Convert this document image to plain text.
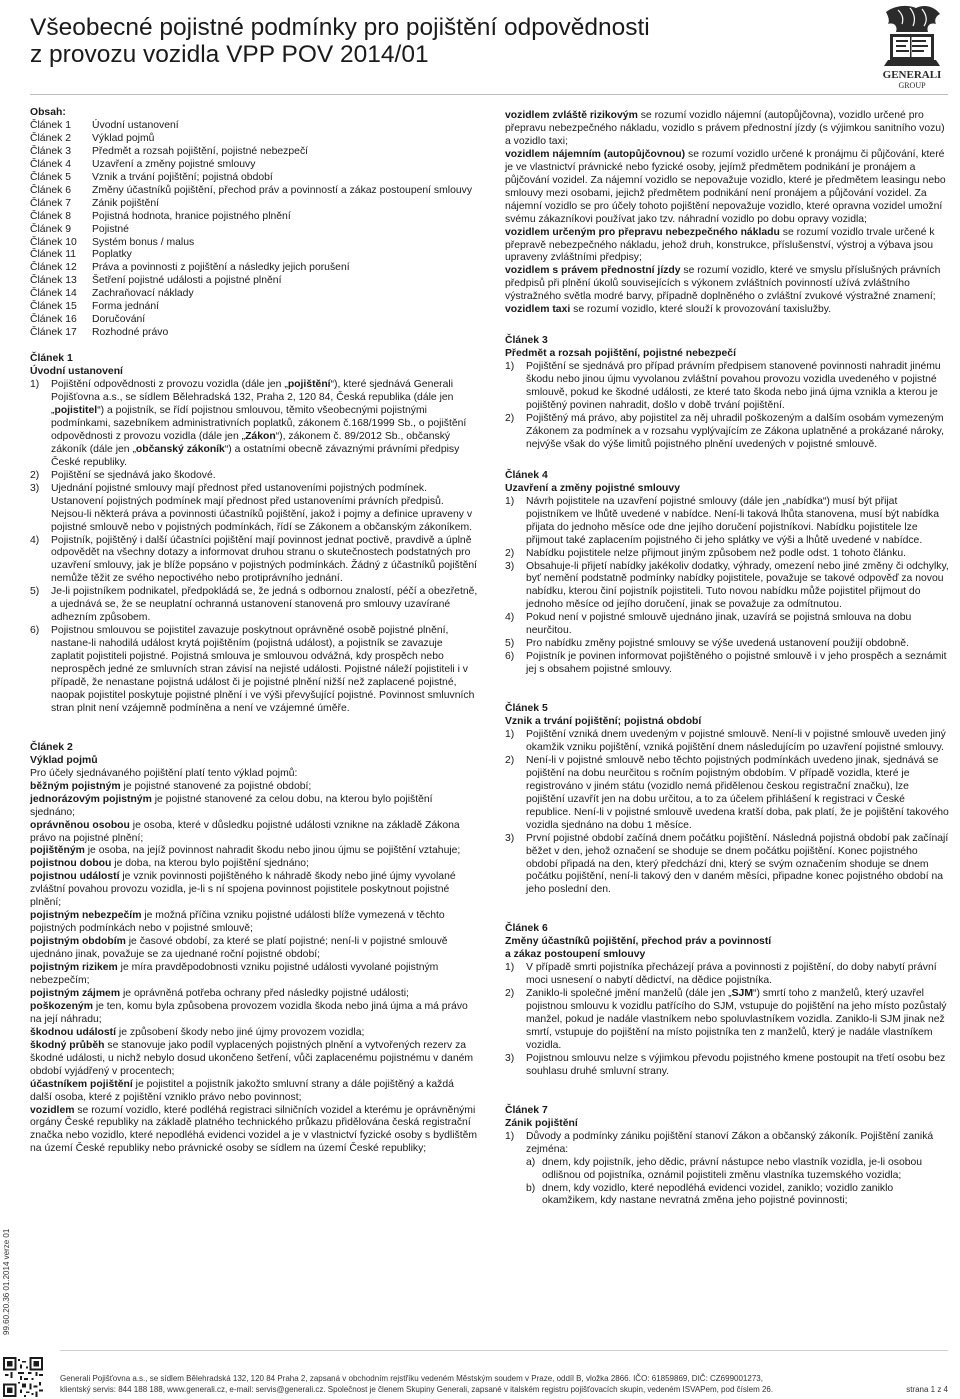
Všeobecné pojistné podmínky pro pojištění odpovědnosti
z provozu vozidla VPP POV 2014/01
GENERALI
GROUP
99.60.20.36 01.2014 verze 01
Obsah:
Článek 1	Úvodní ustanovení
Článek 2	Výklad pojmů
Článek 3	Předmět a rozsah pojištění, pojistné nebezpečí
Článek 4	Uzavření a změny pojistné smlouvy
Článek 5	Vznik a trvání pojištění; pojistná období
Článek 6	Změny účastníků pojištění, přechod práv a povinností a zákaz postoupení smlouvy
Článek 7	Zánik pojištění
Článek 8	Pojistná hodnota, hranice pojistného plnění
Článek 9	Pojistné
Článek 10	Systém bonus / malus
Článek 11	Poplatky
Článek 12	Práva a povinnosti z pojištění a následky jejich porušení
Článek 13	Šetření pojistné události a pojistné plnění
Článek 14	Zachraňovací náklady
Článek 15	Forma jednání
Článek 16	Doručování
Článek 17	Rozhodné právo
Článek 1
Úvodní ustanovení
1)	Pojištění odpovědnosti z provozu vozidla (dále jen „pojištění“), které sjednává Generali Pojišťovna a.s., se sídlem Bělehradská 132, Praha 2, 120 84, Česká republika (dále jen „pojistitel“) a pojistník, se řídí pojistnou smlouvou, těmito všeobecnými pojistnými podmínkami, sazebníkem administrativních poplatků, zákonem č.168/1999 Sb., o pojištění odpovědnosti z provozu vozidla (dále jen „Zákon“), zákonem č. 89/2012 Sb., občanský zákoník (dále jen „občanský zákoník“) a ostatními obecně závaznými právními předpisy České republiky.
2)	Pojištění se sjednává jako škodové.
3)	Ujednání pojistné smlouvy mají přednost před ustanoveními pojistných podmínek. Ustanovení pojistných podmínek mají přednost před ustanoveními právních předpisů. Nejsou-li některá práva a povinnosti účastníků pojištění, jakož i pojmy a definice upraveny v pojistné smlouvě nebo v pojistných podmínkách, řídí se Zákonem a občanským zákoníkem.
4)	Pojistník, pojištěný i další účastníci pojištění mají povinnost jednat poctivě, pravdivě a úplně odpovědět na všechny dotazy a informovat druhou stranu o skutečnostech podstatných pro uzavření smlouvy, jak je blíže popsáno v pojistných podmínkách. Žádný z účastníků pojištění nemůže těžit ze svého nepoctivého nebo protiprávního jednání.
5)	Je-li pojistníkem podnikatel, předpokládá se, že jedná s odbornou znalostí, péčí a obezřetně, a ujednává se, že se neuplatní ochranná ustanovení stanovená pro smlouvy uzavírané adhezním způsobem.
6)	Pojistnou smlouvou se pojistitel zavazuje poskytnout oprávněné osobě pojistné plnění, nastane-li nahodilá událost krytá pojištěním (pojistná událost), a pojistník se zavazuje zaplatit pojistiteli pojistné. Pojistná smlouva je smlouvou odvážná, kdy prospěch nebo neprospěch jedné ze smluvních stran závisí na nejisté události. Pojistné náleží pojistiteli i v případě, že nenastane pojistná událost či je pojistné plnění nižší než zaplacené pojistné, naopak pojistitel poskytuje pojistné plnění i ve výši převyšující pojistné. Povinnost smluvních stran plnit není vzájemně podmíněna a není ve vzájemné úměře.
Článek 2
Výklad pojmů
Pro účely sjednávaného pojištění platí tento výklad pojmů:
běžným pojistným je pojistné stanovené za pojistné období;
jednorázovým pojistným je pojistné stanovené za celou dobu, na kterou bylo pojištění sjednáno;
oprávněnou osobou je osoba, které v důsledku pojistné události vznikne na základě Zákona právo na pojistné plnění;
pojištěným je osoba, na jejíž povinnost nahradit škodu nebo jinou újmu se pojištění vztahuje;
pojistnou dobou je doba, na kterou bylo pojištění sjednáno;
pojistnou událostí je vznik povinnosti pojištěného k náhradě škody nebo jiné újmy vyvolané zvláštní povahou provozu vozidla, je-li s ní spojena povinnost pojistitele poskytnout pojistné plnění;
pojistným nebezpečím je možná příčina vzniku pojistné události blíže vymezená v těchto pojistných podmínkách nebo v pojistné smlouvě;
pojistným obdobím je časové období, za které se platí pojistné; není-li v pojistné smlouvě ujednáno jinak, považuje se za ujednané roční pojistné období;
pojistným rizikem je míra pravděpodobnosti vzniku pojistné události vyvolané pojistným nebezpečím;
pojistným zájmem je oprávněná potřeba ochrany před následky pojistné události;
poškozeným je ten, komu byla způsobena provozem vozidla škoda nebo jiná újma a má právo na její náhradu;
škodnou událostí je způsobení škody nebo jiné újmy provozem vozidla;
škodný průběh se stanovuje jako podíl vyplacených pojistných plnění a vytvořených rezerv za škodné události, u nichž nebylo dosud ukončeno šetření, vůči zaplacenému pojistnému v daném období vyjádřený v procentech;
účastníkem pojištění je pojistitel a pojistník jakožto smluvní strany a dále pojištěný a každá další osoba, které z pojištění vzniklo právo nebo povinnost;
vozidlem se rozumí vozidlo, které podléhá registraci silničních vozidel a kterému je oprávněnými orgány České republiky na základě platného technického průkazu přidělována česká registrační značka nebo vozidlo, které nepodléhá evidenci vozidel a je v vlastnictví fyzické osoby s bydlištěm na území České republiky nebo právnické osoby se sídlem na území České republiky;
vozidlem zvláště rizikovým se rozumí vozidlo nájemní (autopůjčovna), vozidlo určené pro přepravu nebezpečného nákladu, vozidlo s právem přednostní jízdy (s výjimkou sanitního vozu) a vozidlo taxi;
vozidlem nájemním (autopůjčovnou) se rozumí vozidlo určené k pronájmu či půjčování, které je ve vlastnictví právnické nebo fyzické osoby, jejímž předmětem podnikání je pronájem a půjčování vozidel. Za nájemní vozidlo se nepovažuje vozidlo, které je předmětem leasingu nebo smlouvy mezi osobami, jejichž předmětem podnikání není pronájem a půjčování vozidel. Za nájemní vozidlo se pro účely tohoto pojištění nepovažuje vozidlo, které opravna vozidel umožní svému zákazníkovi používat jako tzv. náhradní vozidlo po dobu opravy vozidla;
vozidlem určeným pro přepravu nebezpečného nákladu se rozumí vozidlo trvale určené k přepravě nebezpečného nákladu, jehož druh, konstrukce, příslušenství, výstroj a výbava jsou upraveny zvláštními předpisy;
vozidlem s právem přednostní jízdy se rozumí vozidlo, které ve smyslu příslušných právních předpisů při plnění úkolů souvisejících s výkonem zvláštních povinností užívá zvláštního výstražného světla modré barvy, případně doplněného o zvláštní zvukové výstražné znamení;
vozidlem taxi se rozumí vozidlo, které slouží k provozování taxislužby.
Článek 3
Předmět a rozsah pojištění, pojistné nebezpečí
1)	Pojištění se sjednává pro případ právním předpisem stanovené povinnosti nahradit jinému škodu nebo jinou újmu vyvolanou zvláštní povahou provozu vozidla uvedeného v pojistné smlouvě, pokud ke škodné události, ze které tato škoda nebo jiná újma vznikla a kterou je pojištěný povinen nahradit, došlo v době trvání pojištění.
2)	Pojištěný má právo, aby pojistitel za něj uhradil poškozeným a dalším osobám vymezeným Zákonem za podmínek a v rozsahu vyplývajícím ze Zákona uplatněné a prokázané nároky, nejvýše však do výše limitů pojistného plnění uvedených v pojistné smlouvě.
Článek 4
Uzavření a změny pojistné smlouvy
1)	Návrh pojistitele na uzavření pojistné smlouvy (dále jen „nabídka“) musí být přijat pojistníkem ve lhůtě uvedené v nabídce. Není-li taková lhůta stanovena, musí být nabídka přijata do jednoho měsíce ode dne jejího doručení pojistníkovi. Nabídku pojistitele lze přijmout také zaplacením pojistného či jeho splátky ve výši a lhůtě uvedené v nabídce.
2)	Nabídku pojistitele nelze přijmout jiným způsobem než podle odst. 1 tohoto článku.
3)	Obsahuje-li přijetí nabídky jakékoliv dodatky, výhrady, omezení nebo jiné změny či odchylky, byť nemění podstatně podmínky nabídky pojistitele, považuje se takové odpověď za novou nabídku, kterou činí pojistník pojistiteli. Tuto novou nabídku může pojistitel přijmout do jednoho měsíce od jejího doručení, jinak se považuje za odmítnutou.
4)	Pokud není v pojistné smlouvě ujednáno jinak, uzavírá se pojistná smlouva na dobu neurčitou.
5)	Pro nabídku změny pojistné smlouvy se výše uvedená ustanovení použijí obdobně.
6)	Pojistník je povinen informovat pojištěného o pojistné smlouvě i v jeho prospěch a seznámit jej s obsahem pojistné smlouvy.
Článek 5
Vznik a trvání pojištění; pojistná období
1)	Pojištění vzniká dnem uvedeným v pojistné smlouvě. Není-li v pojistné smlouvě uveden jiný okamžik vzniku pojištění, vzniká pojištění dnem následujícím po uzavření pojistné smlouvy.
2)	Není-li v pojistné smlouvě nebo těchto pojistných podmínkách uvedeno jinak, sjednává se pojištění na dobu neurčitou s ročním pojistným obdobím. V případě vozidla, které je registrováno v jiném státu (vozidlo nemá přidělenou českou registrační značku), lze pojištění uzavřít jen na dobu určitou, a to za účelem přihlášení k registraci v České republice. Není-li v pojistné smlouvě uvedena kratší doba, pak platí, že je pojištění takového vozidla sjednáno na dobu 1 měsíce.
3)	První pojistné období začíná dnem počátku pojištění. Následná pojistná období pak začínají běžet v den, jehož označení se shoduje se dnem počátku pojištění. Konec pojistného období připadá na den, který předchází dni, který se svým označením shoduje se dnem počátku pojištění, není-li takový den v daném měsíci, připadne konec pojistného období na jeho poslední den.
Článek 6
Změny účastníků pojištění, přechod práv a povinností
a zákaz postoupení smlouvy
1)	V případě smrti pojistníka přecházejí práva a povinnosti z pojištění, do doby nabytí právní moci usnesení o nabytí dědictví, na dědice pojistníka.
2)	Zaniklo-li společné jmění manželů (dále jen „SJM“) smrtí toho z manželů, který uzavřel pojistnou smlouvu k vozidlu patřícího do SJM, vstupuje do pojištění na jeho místo pozůstalý manžel, pokud je nadále vlastníkem nebo spoluvlastníkem vozidla. Zaniklo-li SJM jinak než smrtí, vstupuje do pojištění na místo pojistníka ten z manželů, který je nadále vlastníkem vozidla.
3)	Pojistnou smlouvu nelze s výjimkou převodu pojistného kmene postoupit na třetí osobu bez souhlasu druhé smluvní strany.
Článek 7
Zánik pojištění
1)	Důvody a podmínky zániku pojištění stanoví Zákon a občanský zákoník. Pojištění zaniká zejména:
a) dnem, kdy pojistník, jeho dědic, právní nástupce nebo vlastník vozidla, je-li osobou odlišnou od pojistníka, oznámil pojistiteli změnu vlastníka tuzemského vozidla;
b) dnem, kdy vozidlo, které nepodléhá evidenci vozidel, zaniklo; vozidlo zaniklo okamžikem, kdy nastane nevratná změna jeho pojistné povinnosti;
Generali Pojišťovna a.s., se sídlem Bělehradská 132, 120 84 Praha 2, zapsaná v obchodním rejstříku vedeném Městským soudem v Praze, oddíl B, vložka 2866. IČO: 61859869, DIČ: CZ699001273,
klientský servis: 844 188 188, www.generali.cz, e-mail: servis@generali.cz. Společnost je členem Skupiny Generali, zapsané v italském registru pojišťovacích skupin, vedeném ISVAPem, pod číslem 26.	strana 1 z 4
